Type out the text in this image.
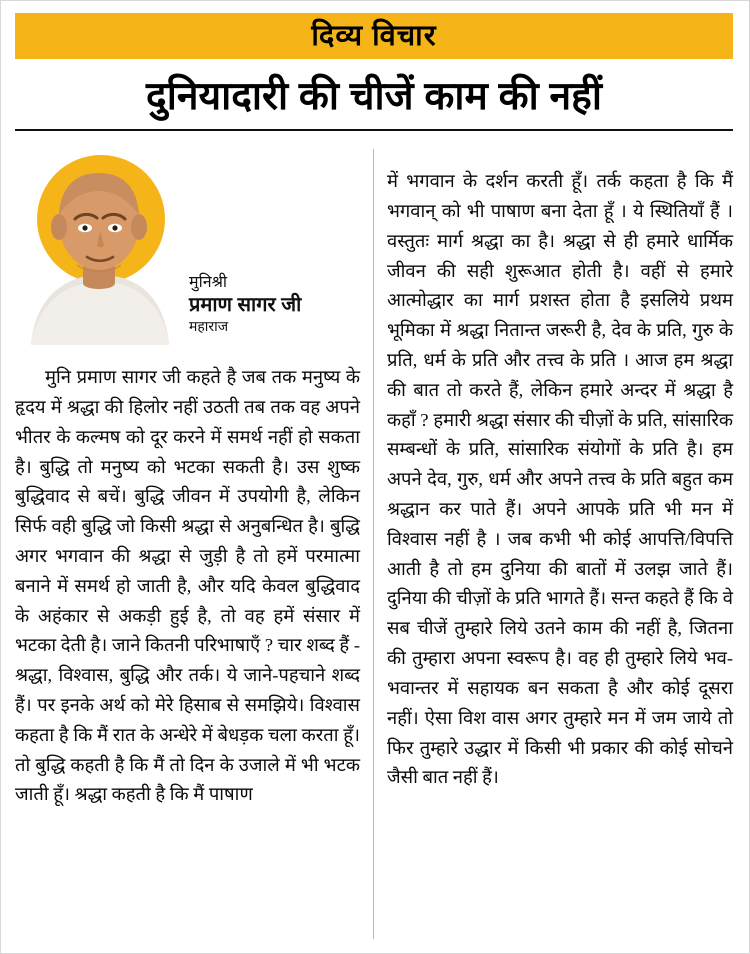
दिव्य विचार
दुनियादारी की चीजें काम की नहीं
मुनिश्री
प्रमाण सागर जी
महाराज

मुनि प्रमाण सागर जी कहते है जब तक मनुष्य के हृदय में श्रद्धा की हिलोर नहीं उठती तब तक वह अपने भीतर के कल्मष को दूर करने में समर्थ नहीं हो सकता है। बुद्धि तो मनुष्य को भटका सकती है। उस शुष्क बुद्धिवाद से बचें। बुद्धि जीवन में उपयोगी है, लेकिन सिर्फ वही बुद्धि जो किसी श्रद्धा से अनुबन्धित है। बुद्धि अगर भगवान की श्रद्धा से जुड़ी है तो हमें परमात्मा बनाने में समर्थ हो जाती है, और यदि केवल बुद्धिवाद के अहंकार से अकड़ी हुई है, तो वह हमें संसार में भटका देती है। जाने कितनी परिभाषाएँ ? चार शब्द हैं - श्रद्धा, विश्वास, बुद्धि और तर्क। ये जाने-पहचाने शब्द हैं। पर इनके अर्थ को मेरे हिसाब से समझिये। विश्वास कहता है कि मैं रात के अन्धेरे में बेधड़क चला करता हूँ। तो बुद्धि कहती है कि मैं तो दिन के उजाले में भी भटक जाती हूँ। श्रद्धा कहती है कि मैं पाषाण

में भगवान के दर्शन करती हूँ। तर्क कहता है कि मैं भगवान् को भी पाषाण बना देता हूँ । ये स्थितियाँ हैं । वस्तुतः मार्ग श्रद्धा का है। श्रद्धा से ही हमारे धार्मिक जीवन की सही शुरूआत होती है। वहीं से हमारे आत्मोद्धार का मार्ग प्रशस्त होता है इसलिये प्रथम भूमिका में श्रद्धा नितान्त जरूरी है, देव के प्रति, गुरु के प्रति, धर्म के प्रति और तत्त्व के प्रति । आज हम श्रद्धा की बात तो करते हैं, लेकिन हमारे अन्दर में श्रद्धा है कहाँ ? हमारी श्रद्धा संसार की चीज़ों के प्रति, सांसारिक सम्बन्धों के प्रति, सांसारिक संयोगों के प्रति है। हम अपने देव, गुरु, धर्म और अपने तत्त्व के प्रति बहुत कम श्रद्धान कर पाते हैं। अपने आपके प्रति भी मन में विश्वास नहीं है । जब कभी भी कोई आपत्ति/विपत्ति आती है तो हम दुनिया की बातों में उलझ जाते हैं। दुनिया की चीज़ों के प्रति भागते हैं। सन्त कहते हैं कि वे सब चीजें तुम्हारे लिये उतने काम की नहीं है, जितना की तुम्हारा अपना स्वरूप है। वह ही तुम्हारे लिये भव-भवान्तर में सहायक बन सकता है और कोई दूसरा नहीं। ऐसा विश वास अगर तुम्हारे मन में जम जाये तो फिर तुम्हारे उद्धार में किसी भी प्रकार की कोई सोचने जैसी बात नहीं हैं।
